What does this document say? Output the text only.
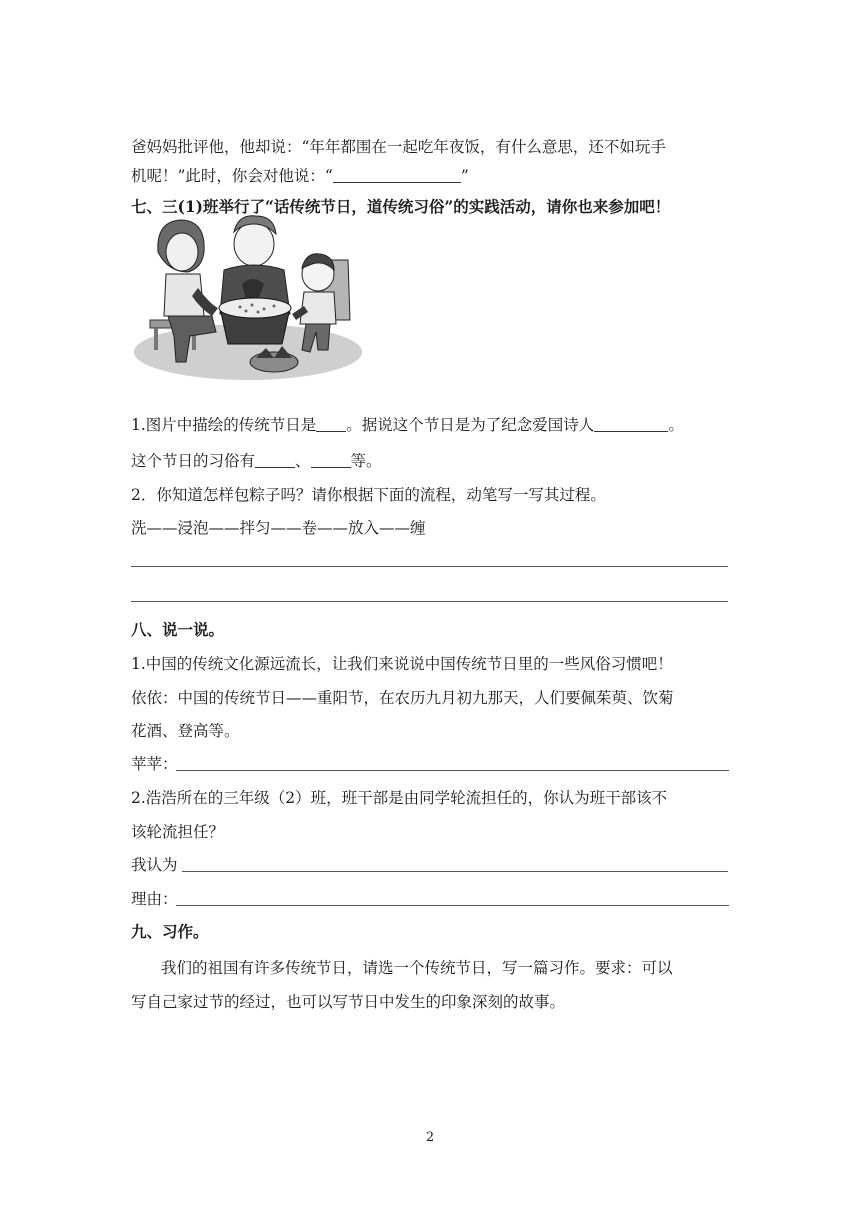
爸妈妈批评他，他却说：“年年都围在一起吃年夜饭，有什么意思，还不如玩手
机呢！”此时，你会对他说：“	”
七、三(1)班举行了“话传统节日，道传统习俗”的实践活动，请你也来参加吧！
1.图片中描绘的传统节日是 。据说这个节日是为了纪念爱国诗人	。
这个节日的习俗有	、	等。
2．你知道怎样包粽子吗？请你根据下面的流程，动笔写一写其过程。
洗——浸泡——拌匀——卷——放入——缠
八、说一说。
1.中国的传统文化源远流长，让我们来说说中国传统节日里的一些风俗习惯吧！
依依：中国的传统节日——重阳节，在农历九月初九那天，人们要佩茱萸、饮菊
花酒、登高等。
苹苹：
2.浩浩所在的三年级（2）班，班干部是由同学轮流担任的，你认为班干部该不
该轮流担任？
我认为
理由：
九、习作。
我们的祖国有许多传统节日，请选一个传统节日，写一篇习作。要求：可以
写自己家过节的经过，也可以写节日中发生的印象深刻的故事。
2
